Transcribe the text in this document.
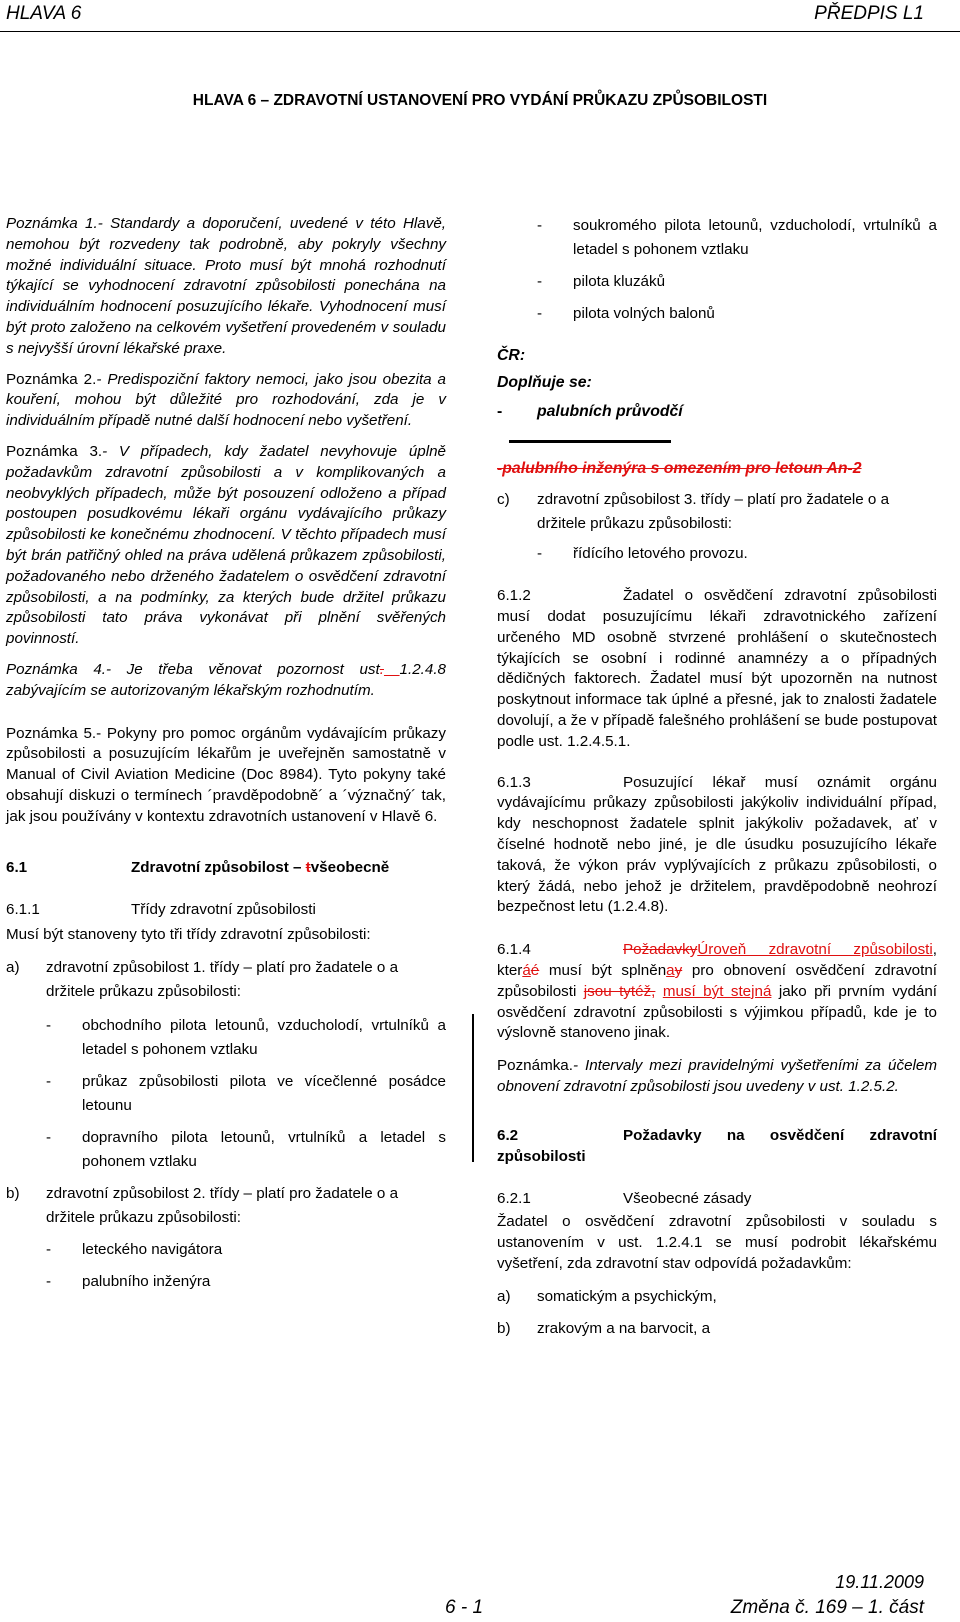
HLAVA 6	PŘEDPIS L1
HLAVA 6 – ZDRAVOTNÍ USTANOVENÍ PRO VYDÁNÍ PRŮKAZU ZPŮSOBILOSTI

Poznámka 1.- Standardy a doporučení, uvedené v této Hlavě, nemohou být rozvedeny tak podrobně, aby pokryly všechny možné individuální situace. Proto musí být mnohá rozhodnutí týkající se vyhodnocení zdravotní způsobilosti ponechána na individuálním hodnocení posuzujícího lékaře. Vyhodnocení musí být proto založeno na celkovém vyšetření provedeném v souladu s nejvyšší úrovní lékařské praxe.

Poznámka 2.- Predispoziční faktory nemoci, jako jsou obezita a kouření, mohou být důležité pro rozhodování, zda je v individuálním případě nutné další hodnocení nebo vyšetření.

Poznámka 3.- V případech, kdy žadatel nevyhovuje úplně požadavkům zdravotní způsobilosti a v komplikovaných a neobvyklých případech, může být posouzení odloženo a případ postoupen posudkovému lékaři orgánu vydávajícího průkazy způsobilosti ke konečnému zhodnocení. V těchto případech musí být brán patřičný ohled na práva udělená průkazem způsobilosti, požadovaného nebo drženého žadatelem o osvědčení zdravotní způsobilosti, a na podmínky, za kterých bude držitel průkazu způsobilosti tato práva vykonávat při plnění svěřených povinností.

Poznámka 4.- Je třeba věnovat pozornost ust. 1.2.4.8 zabývajícím se autorizovaným lékařským rozhodnutím.

Poznámka 5.- Pokyny pro pomoc orgánům vydávajícím průkazy způsobilosti a posuzujícím lékařům je uveřejněn samostatně v Manual of Civil Aviation Medicine (Doc 8984). Tyto pokyny také obsahují diskuzi o termínech ´pravděpodobně´ a ´význačný´ tak, jak jsou používány v kontextu zdravotních ustanovení v Hlavě 6.

6.1	Zdravotní způsobilost – tvšeobecně
6.1.1	Třídy zdravotní způsobilosti

Musí být stanoveny tyto tři třídy zdravotní způsobilosti:

a)	zdravotní způsobilost 1. třídy – platí pro žadatele o a držitele průkazu způsobilosti:
-	obchodního pilota letounů, vzducholodí, vrtulníků a letadel s pohonem vztlaku
-	průkaz způsobilosti pilota ve vícečlenné posádce letounu
-	dopravního pilota letounů, vrtulníků a letadel s pohonem vztlaku
b)	zdravotní způsobilost 2. třídy – platí pro žadatele o a držitele průkazu způsobilosti:
-	leteckého navigátora
-	palubního inženýra
-	soukromého pilota letounů, vzducholodí, vrtulníků a letadel s pohonem vztlaku
-	pilota kluzáků
-	pilota volných balonů

ČR:

Doplňuje se:

-	palubních průvodčí

-palubního inženýra s omezením pro letoun An-2

c)	zdravotní způsobilost 3. třídy – platí pro žadatele o a držitele průkazu způsobilosti:
-	řídícího letového provozu.

6.1.2	Žadatel o osvědčení zdravotní způsobilosti musí dodat posuzujícímu lékaři zdravotnického zařízení určeného MD osobně stvrzené prohlášení o skutečnostech týkajících se osobní i rodinné anamnézy a o případných dědičných faktorech. Žadatel musí být upozorněn na nutnost poskytnout informace tak úplné a přesné, jak to znalosti žadatele dovolují, a že v případě falešného prohlášení se bude postupovat podle ust. 1.2.4.5.1.

6.1.3	Posuzující lékař musí oznámit orgánu vydávajícímu průkazy způsobilosti jakýkoliv individuální případ, kdy neschopnost žadatele splnit jakýkoliv požadavek, ať v číselné hodnotě nebo jiné, je dle úsudku posuzujícího lékaře taková, že výkon práv vyplývajících z průkazu způsobilosti, o který žádá, nebo jehož je držitelem, pravděpodobně neohrozí bezpečnost letu (1.2.4.8).

6.1.4	PožadavkyÚroveň zdravotní způsobilosti, kteráé musí být splněnay pro obnovení osvědčení zdravotní způsobilosti jsou tytéž, musí být stejná jako při prvním vydání osvědčení zdravotní způsobilosti s výjimkou případů, kde je to výslovně stanoveno jinak.

Poznámka.- Intervaly mezi pravidelnými vyšetřeními za účelem obnovení zdravotní způsobilosti jsou uvedeny v ust. 1.2.5.2.

6.2	Požadavky na osvědčení zdravotní způsobilosti

6.2.1	Všeobecné zásady

Žadatel o osvědčení zdravotní způsobilosti v souladu s ustanovením v ust. 1.2.4.1 se musí podrobit lékařskému vyšetření, zda zdravotní stav odpovídá požadavkům:

a)	somatickým a psychickým,
b)	zrakovým a na barvocit, a
19.11.2009
6 - 1	Změna č. 169 – 1. část
